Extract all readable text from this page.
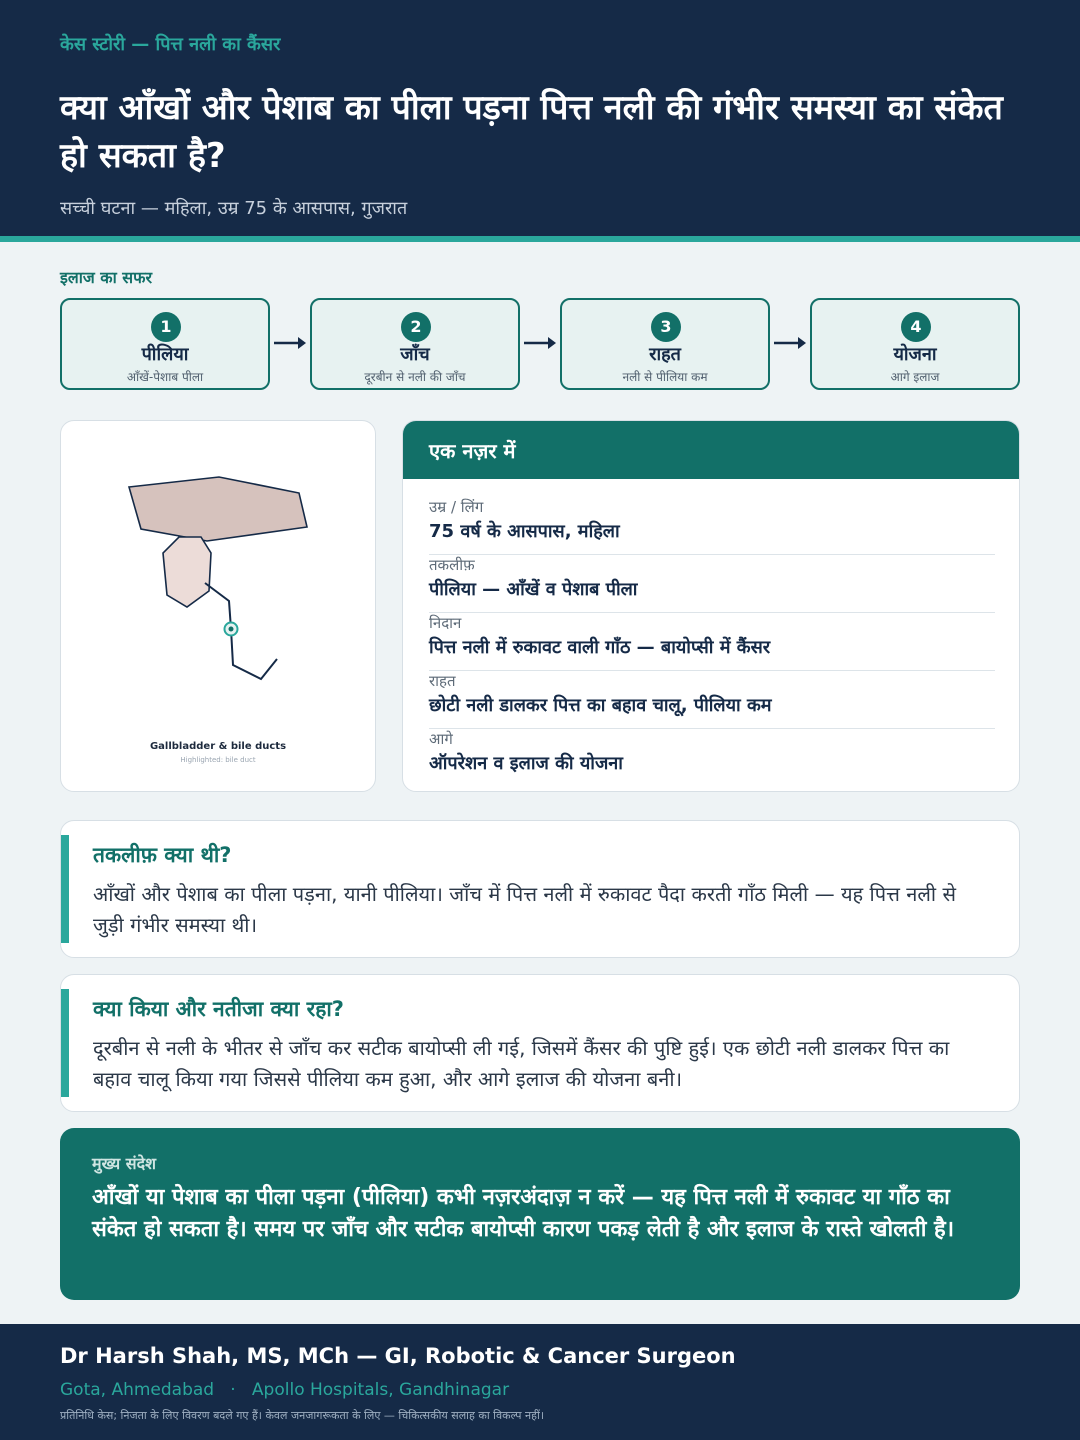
केस स्टोरी — पित्त नली का कैंसर
क्या आँखों और पेशाब का पीला पड़ना पित्त नली की गंभीर समस्या का संकेत हो सकता है?
सच्ची घटना — महिला, उम्र 75 के आसपास, गुजरात
इलाज का सफर
1
पीलिया
आँखें-पेशाब पीला
2
जाँच
दूरबीन से नली की जाँच
3
राहत
नली से पीलिया कम
4
योजना
आगे इलाज
Gallbladder & bile ducts
Highlighted: bile duct
एक नज़र में
उम्र / लिंग
75 वर्ष के आसपास, महिला
तकलीफ़
पीलिया — आँखें व पेशाब पीला
निदान
पित्त नली में रुकावट वाली गाँठ — बायोप्सी में कैंसर
राहत
छोटी नली डालकर पित्त का बहाव चालू, पीलिया कम
आगे
ऑपरेशन व इलाज की योजना
तकलीफ़ क्या थी?

आँखों और पेशाब का पीला पड़ना, यानी पीलिया। जाँच में पित्त नली में रुकावट पैदा करती गाँठ मिली — यह पित्त नली से जुड़ी गंभीर समस्या थी।

क्या किया और नतीजा क्या रहा?

दूरबीन से नली के भीतर से जाँच कर सटीक बायोप्सी ली गई, जिसमें कैंसर की पुष्टि हुई। एक छोटी नली डालकर पित्त का बहाव चालू किया गया जिससे पीलिया कम हुआ, और आगे इलाज की योजना बनी।

मुख्य संदेश
आँखों या पेशाब का पीला पड़ना (पीलिया) कभी नज़रअंदाज़ न करें — यह पित्त नली में रुकावट या गाँठ का संकेत हो सकता है। समय पर जाँच और सटीक बायोप्सी कारण पकड़ लेती है और इलाज के रास्ते खोलती है।
Dr Harsh Shah, MS, MCh — GI, Robotic & Cancer Surgeon
Gota, Ahmedabad   ·   Apollo Hospitals, Gandhinagar
प्रतिनिधि केस; निजता के लिए विवरण बदले गए हैं। केवल जनजागरूकता के लिए — चिकित्सकीय सलाह का विकल्प नहीं।
